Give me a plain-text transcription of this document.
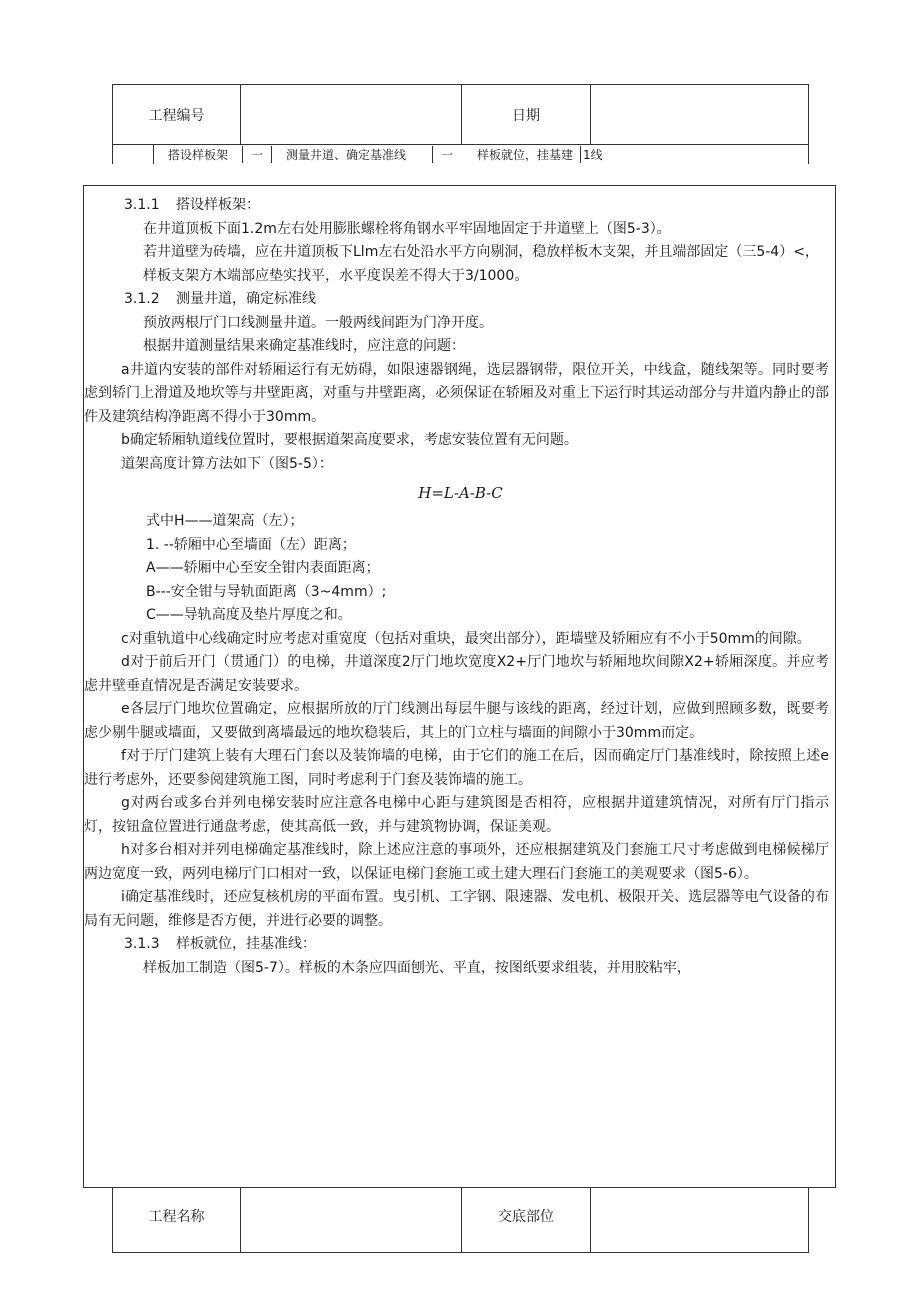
工程编号		日期	

搭设样板架	一	测量井道、确定基准线	一	样板就位，挂基建 1线

3.1.1 搭设样板架：

在井道顶板下面1.2m左右处用膨胀螺栓将角钢水平牢固地固定于井道壁上（图5-3）。

若井道壁为砖墙，应在井道顶板下Llm左右处沿水平方向剔洞，稳放样板木支架，并且端部固定（三5-4）<，

样板支架方木端部应垫实找平，水平度误差不得大于3/1000。

3.1.2 测量井道，确定标准线

预放两根厅门口线测量井道。一般两线间距为门净开度。

根据井道测量结果来确定基准线时，应注意的问题：

a井道内安装的部件对轿厢运行有无妨碍，如限速器钢绳，选层器钢带，限位开关，中线盒，随线架等。同时要考虑到轿门上滑道及地坎等与井壁距离，对重与井壁距离，必须保证在轿厢及对重上下运行时其运动部分与井道内静止的部件及建筑结构净距离不得小于30mm。

b确定轿厢轨道线位置时，要根据道架高度要求，考虑安装位置有无问题。

道架高度计算方法如下（图5-5）：

H=L-A-B-C

式中H——道架高（左）；

1. --轿厢中心至墙面（左）距离；

A——轿厢中心至安全钳内表面距离；

B---安全钳与导轨面距离（3~4mm）;

C——导轨高度及垫片厚度之和。

c对重轨道中心线确定时应考虑对重宽度（包括对重块，最突出部分），距墙壁及轿厢应有不小于50mm的间隙。

d对于前后开门（贯通门）的电梯，井道深度2厅门地坎宽度X2+厅门地坎与轿厢地坎间隙X2+轿厢深度。并应考虑井壁垂直情况是否满足安装要求。

e各层厅门地坎位置确定，应根据所放的厅门线测出每层牛腿与该线的距离，经过计划，应做到照顾多数，既要考虑少剔牛腿或墙面，又要做到离墙最远的地坎稳装后，其上的门立柱与墙面的间隙小于30mm而定。

f对于厅门建筑上装有大理石门套以及装饰墙的电梯，由于它们的施工在后，因而确定厅门基准线时，除按照上述e进行考虑外，还要参阅建筑施工图，同时考虑利于门套及装饰墙的施工。

g对两台或多台并列电梯安装时应注意各电梯中心距与建筑图是否相符，应根据井道建筑情况，对所有厅门指示灯，按钮盒位置进行通盘考虑，使其高低一致，并与建筑物协调，保证美观。

h对多台相对并列电梯确定基准线时，除上述应注意的事项外，还应根据建筑及门套施工尺寸考虑做到电梯候梯厅两边宽度一致，两列电梯厅门口相对一致，以保证电梯门套施工或土建大理石门套施工的美观要求（图5-6）。

i确定基准线时，还应复核机房的平面布置。曳引机、工字钢、限速器、发电机、极限开关、选层器等电气设备的布局有无问题，维修是否方便，并进行必要的调整。

3.1.3 样板就位，挂基准线：

样板加工制造（图5-7）。样板的木条应四面刨光、平直，按图纸要求组装，并用胶粘牢，

工程名称		交底部位	
